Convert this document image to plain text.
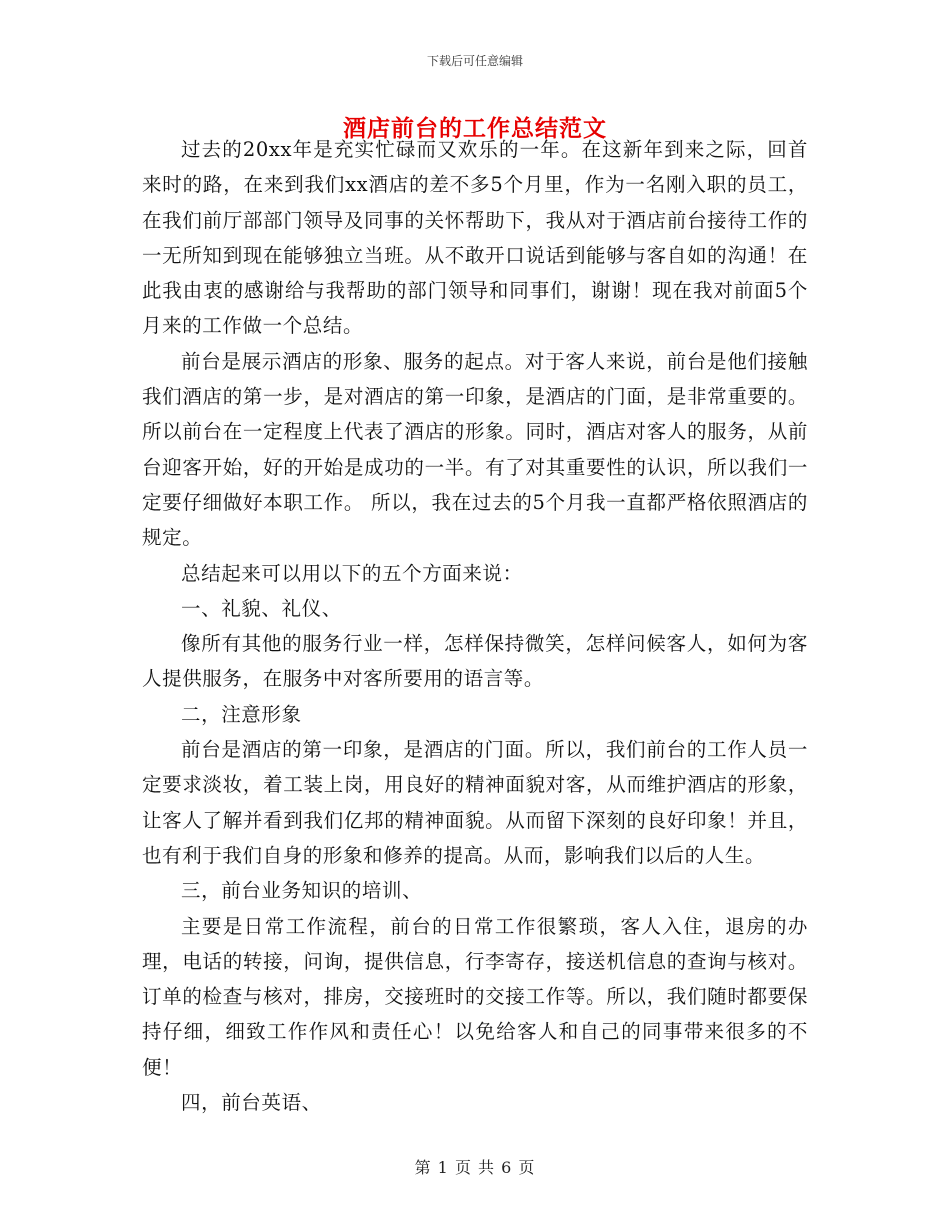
下载后可任意编辑
酒店前台的工作总结范文

过去的20xx年是充实忙碌而又欢乐的一年。在这新年到来之际，回首来时的路，在来到我们xx酒店的差不多5个月里，作为一名刚入职的员工，在我们前厅部部门领导及同事的关怀帮助下，我从对于酒店前台接待工作的一无所知到现在能够独立当班。从不敢开口说话到能够与客自如的沟通！在此我由衷的感谢给与我帮助的部门领导和同事们，谢谢！现在我对前面5个月来的工作做一个总结。

前台是展示酒店的形象、服务的起点。对于客人来说，前台是他们接触我们酒店的第一步，是对酒店的第一印象，是酒店的门面，是非常重要的。所以前台在一定程度上代表了酒店的形象。同时，酒店对客人的服务，从前台迎客开始，好的开始是成功的一半。有了对其重要性的认识，所以我们一定要仔细做好本职工作。 所以，我在过去的5个月我一直都严格依照酒店的规定。

总结起来可以用以下的五个方面来说：

一、礼貌、礼仪、

像所有其他的服务行业一样，怎样保持微笑，怎样问候客人，如何为客人提供服务，在服务中对客所要用的语言等。

二，注意形象

前台是酒店的第一印象，是酒店的门面。所以，我们前台的工作人员一定要求淡妆，着工装上岗，用良好的精神面貌对客，从而维护酒店的形象，让客人了解并看到我们亿邦的精神面貌。从而留下深刻的良好印象！并且，也有利于我们自身的形象和修养的提高。从而，影响我们以后的人生。

三，前台业务知识的培训、

主要是日常工作流程，前台的日常工作很繁琐，客人入住，退房的办理，电话的转接，问询，提供信息，行李寄存，接送机信息的查询与核对。订单的检查与核对，排房，交接班时的交接工作等。所以，我们随时都要保持仔细，细致工作作风和责任心！以免给客人和自己的同事带来很多的不便！

四，前台英语、

第 1 页 共 6 页
